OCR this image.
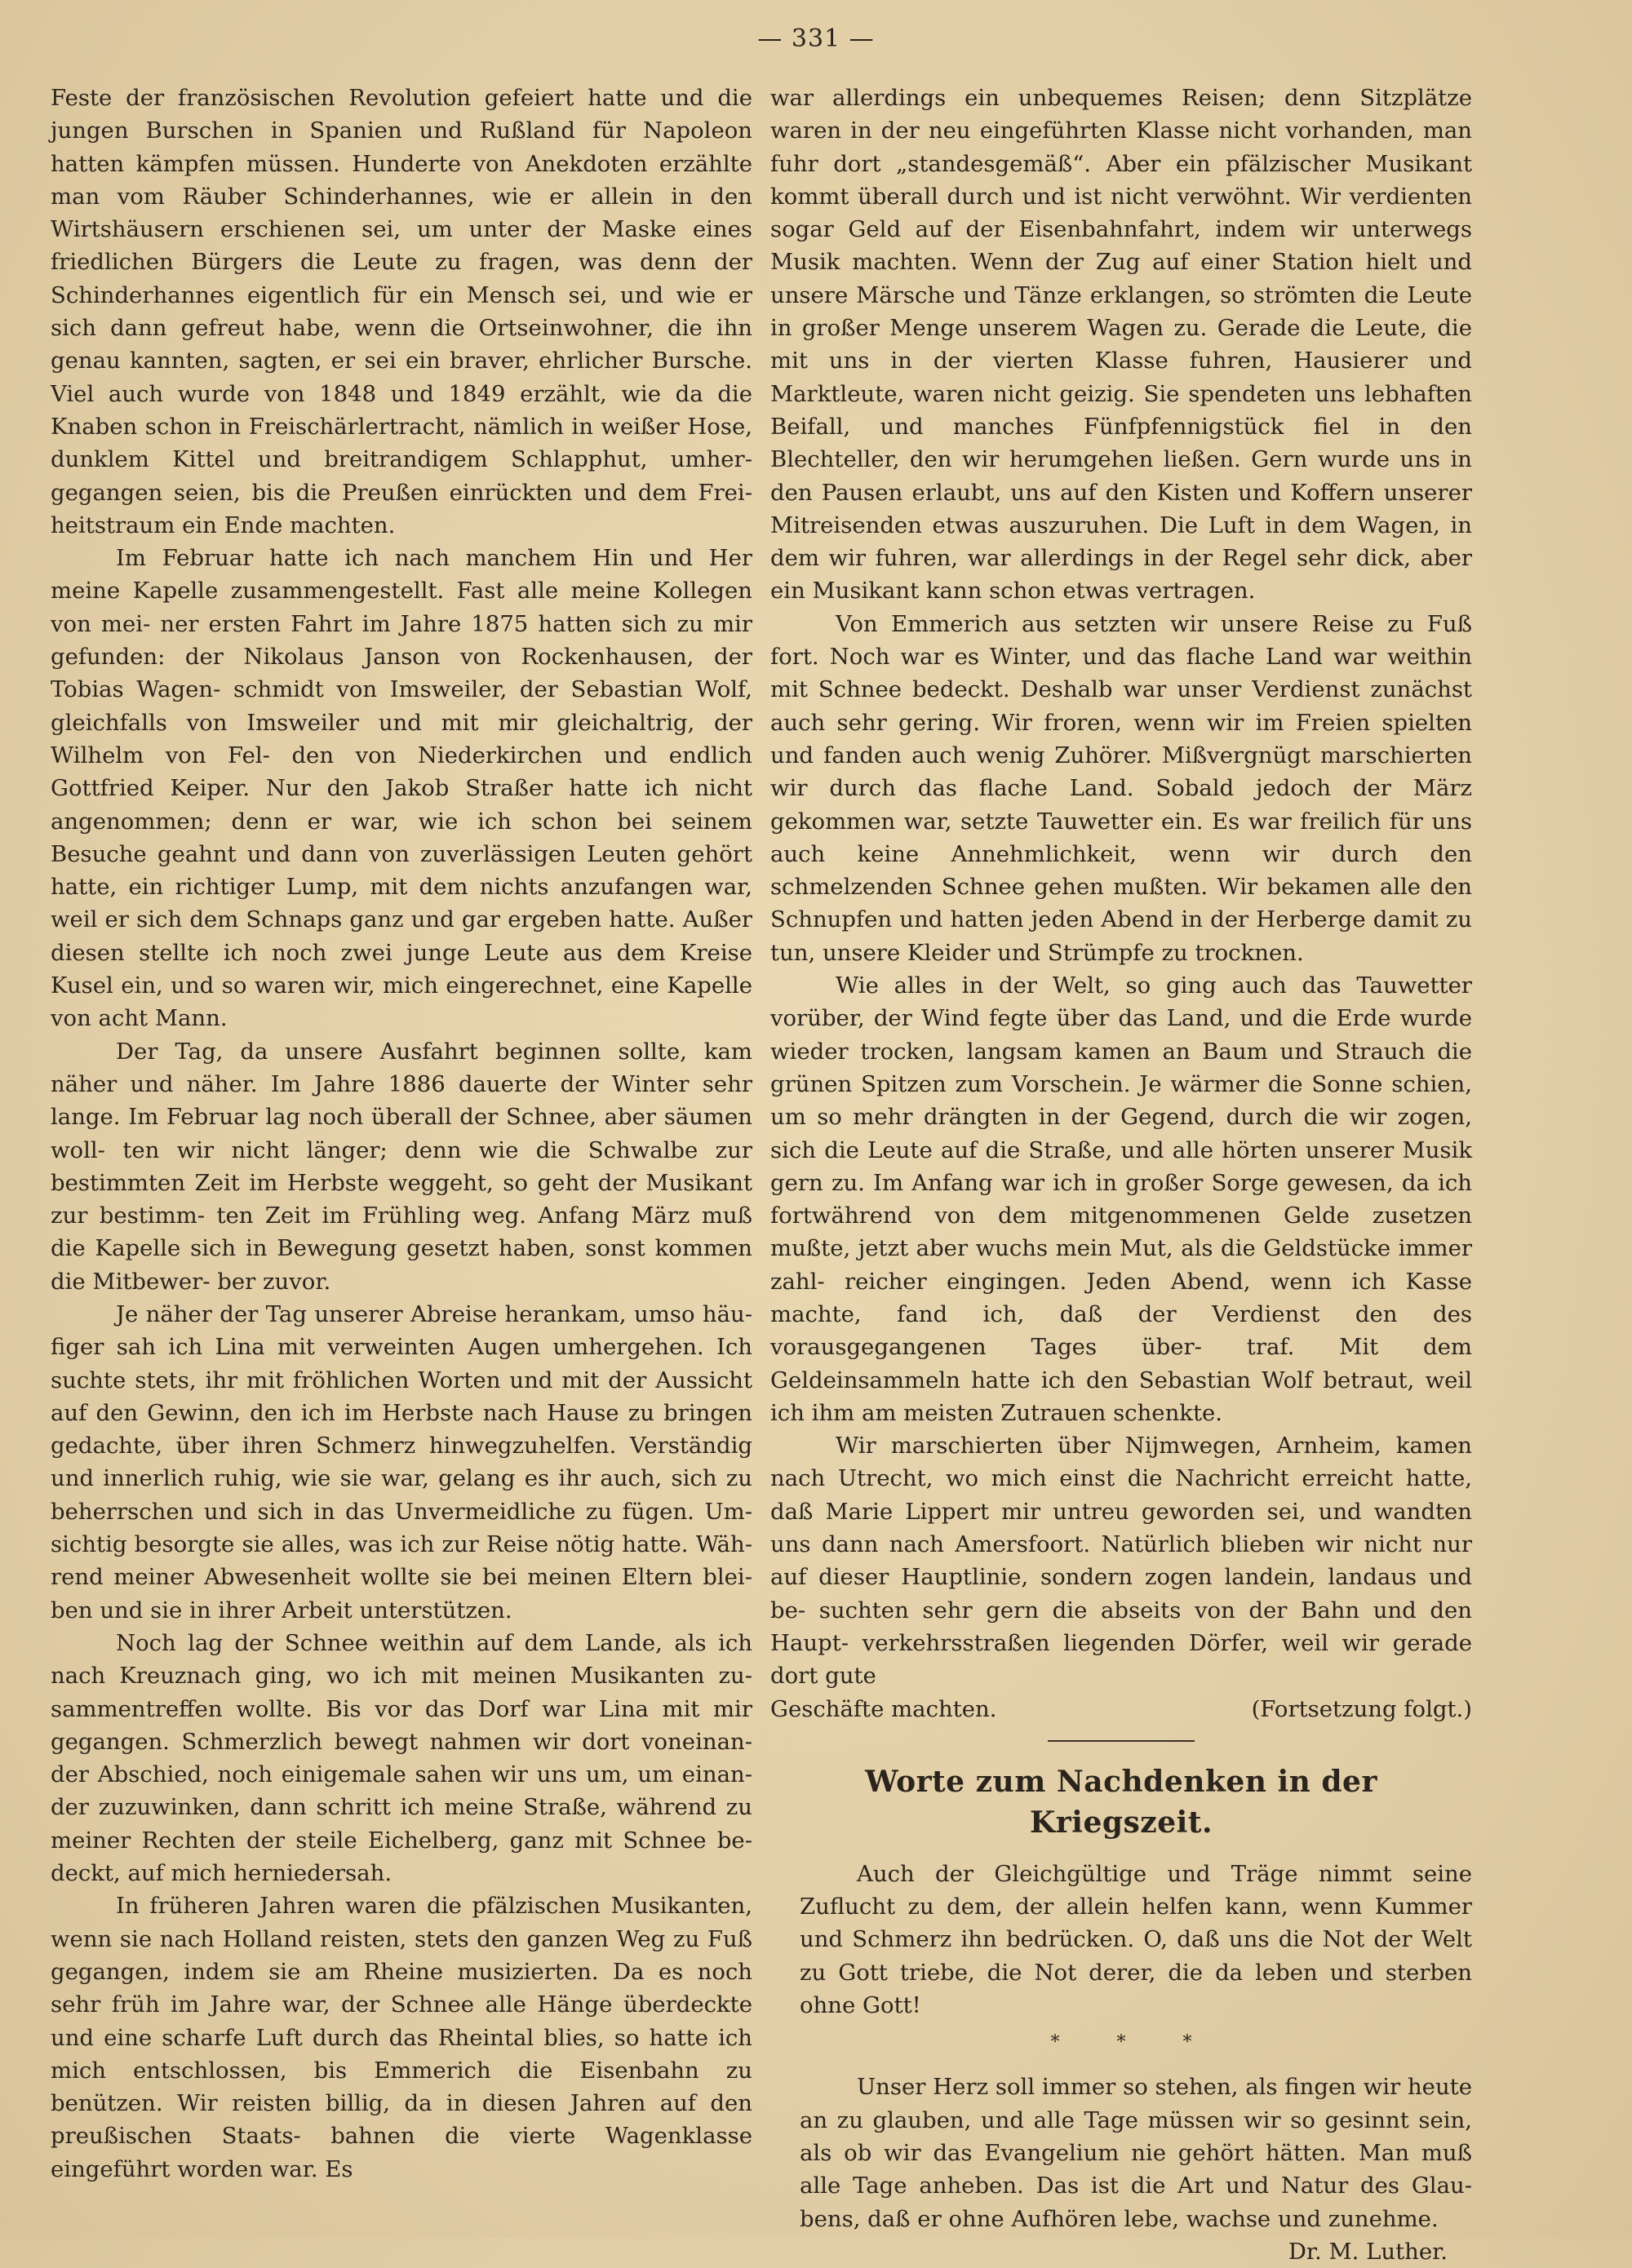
— 331 —

Feste der französischen Revolution gefeiert hatte und die jungen Burschen in Spanien und Rußland für Napoleon hatten kämpfen müssen. Hunderte von Anekdoten erzählte man vom Räuber Schinderhannes, wie er allein in den Wirtshäusern erschienen sei, um unter der Maske eines friedlichen Bürgers die Leute zu fragen, was denn der Schinderhannes eigentlich für ein Mensch sei, und wie er sich dann gefreut habe, wenn die Ortseinwohner, die ihn genau kannten, sagten, er sei ein braver, ehrlicher Bursche. Viel auch wurde von 1848 und 1849 erzählt, wie da die Knaben schon in Freischärlertracht, nämlich in weißer Hose, dunklem Kittel und breitrandigem Schlapphut, umher- gegangen seien, bis die Preußen einrückten und dem Frei- heitstraum ein Ende machten.

Im Februar hatte ich nach manchem Hin und Her meine Kapelle zusammengestellt. Fast alle meine Kollegen von mei- ner ersten Fahrt im Jahre 1875 hatten sich zu mir gefunden: der Nikolaus Janson von Rockenhausen, der Tobias Wagen- schmidt von Imsweiler, der Sebastian Wolf, gleichfalls von Imsweiler und mit mir gleichaltrig, der Wilhelm von Fel- den von Niederkirchen und endlich Gottfried Keiper. Nur den Jakob Straßer hatte ich nicht angenommen; denn er war, wie ich schon bei seinem Besuche geahnt und dann von zuverlässigen Leuten gehört hatte, ein richtiger Lump, mit dem nichts anzufangen war, weil er sich dem Schnaps ganz und gar ergeben hatte. Außer diesen stellte ich noch zwei junge Leute aus dem Kreise Kusel ein, und so waren wir, mich eingerechnet, eine Kapelle von acht Mann.

Der Tag, da unsere Ausfahrt beginnen sollte, kam näher und näher. Im Jahre 1886 dauerte der Winter sehr lange. Im Februar lag noch überall der Schnee, aber säumen woll- ten wir nicht länger; denn wie die Schwalbe zur bestimmten Zeit im Herbste weggeht, so geht der Musikant zur bestimm- ten Zeit im Frühling weg. Anfang März muß die Kapelle sich in Bewegung gesetzt haben, sonst kommen die Mitbewer- ber zuvor.

Je näher der Tag unserer Abreise herankam, umso häu- figer sah ich Lina mit verweinten Augen umhergehen. Ich suchte stets, ihr mit fröhlichen Worten und mit der Aussicht auf den Gewinn, den ich im Herbste nach Hause zu bringen gedachte, über ihren Schmerz hinwegzuhelfen. Verständig und innerlich ruhig, wie sie war, gelang es ihr auch, sich zu beherrschen und sich in das Unvermeidliche zu fügen. Um- sichtig besorgte sie alles, was ich zur Reise nötig hatte. Wäh- rend meiner Abwesenheit wollte sie bei meinen Eltern blei- ben und sie in ihrer Arbeit unterstützen.

Noch lag der Schnee weithin auf dem Lande, als ich nach Kreuznach ging, wo ich mit meinen Musikanten zu- sammentreffen wollte. Bis vor das Dorf war Lina mit mir gegangen. Schmerzlich bewegt nahmen wir dort voneinan- der Abschied, noch einigemale sahen wir uns um, um einan- der zuzuwinken, dann schritt ich meine Straße, während zu meiner Rechten der steile Eichelberg, ganz mit Schnee be- deckt, auf mich herniedersah.

In früheren Jahren waren die pfälzischen Musikanten, wenn sie nach Holland reisten, stets den ganzen Weg zu Fuß gegangen, indem sie am Rheine musizierten. Da es noch sehr früh im Jahre war, der Schnee alle Hänge überdeckte und eine scharfe Luft durch das Rheintal blies, so hatte ich mich entschlossen, bis Emmerich die Eisenbahn zu benützen. Wir reisten billig, da in diesen Jahren auf den preußischen Staats- bahnen die vierte Wagenklasse eingeführt worden war. Es

war allerdings ein unbequemes Reisen; denn Sitzplätze waren in der neu eingeführten Klasse nicht vorhanden, man fuhr dort „standesgemäß“. Aber ein pfälzischer Musikant kommt überall durch und ist nicht verwöhnt. Wir verdienten sogar Geld auf der Eisenbahnfahrt, indem wir unterwegs Musik machten. Wenn der Zug auf einer Station hielt und unsere Märsche und Tänze erklangen, so strömten die Leute in großer Menge unserem Wagen zu. Gerade die Leute, die mit uns in der vierten Klasse fuhren, Hausierer und Marktleute, waren nicht geizig. Sie spendeten uns lebhaften Beifall, und manches Fünfpfennigstück fiel in den Blechteller, den wir herumgehen ließen. Gern wurde uns in den Pausen erlaubt, uns auf den Kisten und Koffern unserer Mitreisenden etwas auszuruhen. Die Luft in dem Wagen, in dem wir fuhren, war allerdings in der Regel sehr dick, aber ein Musikant kann schon etwas vertragen.

Von Emmerich aus setzten wir unsere Reise zu Fuß fort. Noch war es Winter, und das flache Land war weithin mit Schnee bedeckt. Deshalb war unser Verdienst zunächst auch sehr gering. Wir froren, wenn wir im Freien spielten und fanden auch wenig Zuhörer. Mißvergnügt marschierten wir durch das flache Land. Sobald jedoch der März gekommen war, setzte Tauwetter ein. Es war freilich für uns auch keine Annehmlichkeit, wenn wir durch den schmelzenden Schnee gehen mußten. Wir bekamen alle den Schnupfen und hatten jeden Abend in der Herberge damit zu tun, unsere Kleider und Strümpfe zu trocknen.

Wie alles in der Welt, so ging auch das Tauwetter vorüber, der Wind fegte über das Land, und die Erde wurde wieder trocken, langsam kamen an Baum und Strauch die grünen Spitzen zum Vorschein. Je wärmer die Sonne schien, um so mehr drängten in der Gegend, durch die wir zogen, sich die Leute auf die Straße, und alle hörten unserer Musik gern zu. Im Anfang war ich in großer Sorge gewesen, da ich fortwährend von dem mitgenommenen Gelde zusetzen mußte, jetzt aber wuchs mein Mut, als die Geldstücke immer zahl- reicher eingingen. Jeden Abend, wenn ich Kasse machte, fand ich, daß der Verdienst den des vorausgegangenen Tages über- traf. Mit dem Geldeinsammeln hatte ich den Sebastian Wolf betraut, weil ich ihm am meisten Zutrauen schenkte.

Wir marschierten über Nijmwegen, Arnheim, kamen nach Utrecht, wo mich einst die Nachricht erreicht hatte, daß Marie Lippert mir untreu geworden sei, und wandten uns dann nach Amersfoort. Natürlich blieben wir nicht nur auf dieser Hauptlinie, sondern zogen landein, landaus und be- suchten sehr gern die abseits von der Bahn und den Haupt- verkehrsstraßen liegenden Dörfer, weil wir gerade dort gute

Geschäfte machten.	(Fortsetzung folgt.)
Worte zum Nachdenken in der Kriegszeit.

Auch der Gleichgültige und Träge nimmt seine Zuflucht zu dem, der allein helfen kann, wenn Kummer und Schmerz ihn bedrücken. O, daß uns die Not der Welt zu Gott triebe, die Not derer, die da leben und sterben ohne Gott!

*	*	*

Unser Herz soll immer so stehen, als fingen wir heute an zu glauben, und alle Tage müssen wir so gesinnt sein, als ob wir das Evangelium nie gehört hätten. Man muß alle Tage anheben. Das ist die Art und Natur des Glau- bens, daß er ohne Aufhören lebe, wachse und zunehme.

Dr. M. Luther.
